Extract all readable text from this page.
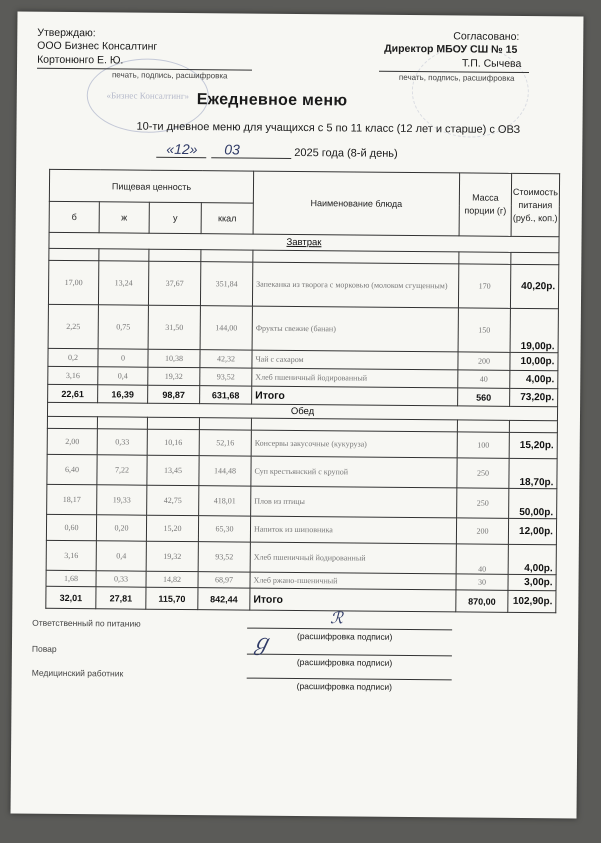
«Бизнес Консалтинг»
Утверждаю:
ООО Бизнес Консалтинг
Кортонюнго Е. Ю.
печать, подпись, расшифровка
Согласовано:
Директор МБОУ СШ № 15
Т.П. Сычева
печать, подпись, расшифровка
Ежедневное меню
10-ти дневное меню для учащихся с 5 по 11 класс (12 лет и старше) с ОВЗ
«12» 03	2025 года (8-й день)
Пищевая ценность				Наименование блюда	Масса порции (г)	Стоимость питания (руб., коп.)
б	ж	у	ккал			
Завтрак						

17,00	13,24	37,67	351,84	Запеканка из творога с морковью (молоком сгущенным)	170	40,20р.
2,25	0,75	31,50	144,00	Фрукты свежие (банан)	150	19,00р.
0,2	0	10,38	42,32	Чай с сахаром	200	10,00р.
3,16	0,4	19,32	93,52	Хлеб пшеничный йодированный	40	4,00р.
22,61	16,39	98,87	631,68	Итого	560	73,20р.
Обед						

2,00	0,33	10,16	52,16	Консервы закусочные (кукуруза)	100	15,20р.
6,40	7,22	13,45	144,48	Суп крестьянский с крупой	250	18,70р.
18,17	19,33	42,75	418,01	Плов из птицы	250	50,00р.
0,60	0,20	15,20	65,30	Напиток из шиповника	200	12,00р.
3,16	0,4	19,32	93,52	Хлеб пшеничный йодированный	40	4,00р.
1,68	0,33	14,82	68,97	Хлеб ржано-пшеничный	30	3,00р.
32,01	27,81	115,70	842,44	Итого	870,00	102,90р.
Ответственный по питанию
(расшифровка подписи)
Повар
(расшифровка подписи)
Медицинский работник
(расшифровка подписи)
ℊ
ℛ
